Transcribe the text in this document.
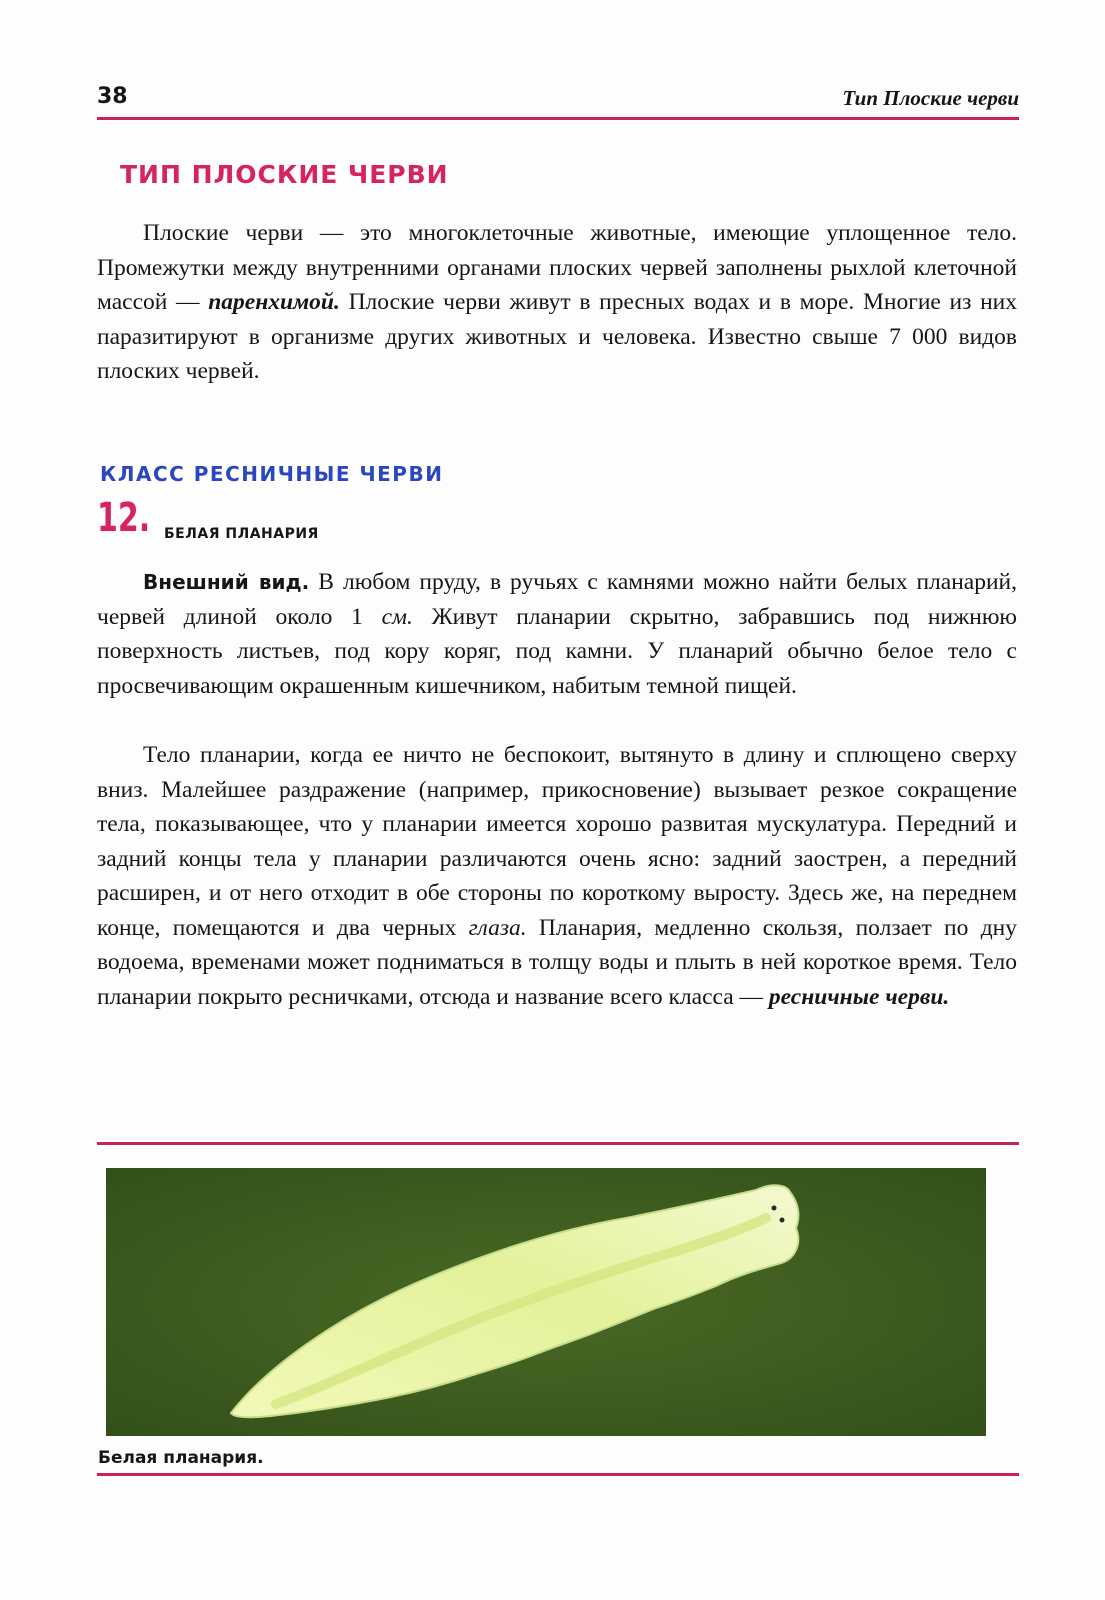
38	Тип Плоские черви
ТИП ПЛОСКИЕ ЧЕРВИ

Плоские черви — это многоклеточные животные, имеющие уплощенное тело. Промежутки между внутренними органами плоских червей заполнены рыхлой клеточной массой — паренхимой. Плоские черви живут в пресных водах и в море. Многие из них паразитируют в организме других животных и человека. Известно свыше 7 000 видов плоских червей.

КЛАСС РЕСНИЧНЫЕ ЧЕРВИ
12. БЕЛАЯ ПЛАНАРИЯ

Внешний вид. В любом пруду, в ручьях с камнями можно найти белых планарий, червей длиной около 1 см. Живут планарии скрытно, забравшись под нижнюю поверхность листьев, под кору коряг, под камни. У планарий обычно белое тело с просвечивающим окрашенным кишечником, набитым темной пищей.

Тело планарии, когда ее ничто не беспокоит, вытянуто в длину и сплющено сверху вниз. Малейшее раздражение (например, прикосновение) вызывает резкое сокращение тела, показывающее, что у планарии имеется хорошо развитая мускулатура. Передний и задний концы тела у планарии различаются очень ясно: задний заострен, а передний расширен, и от него отходит в обе стороны по короткому выросту. Здесь же, на переднем конце, помещаются и два черных глаза. Планария, медленно скользя, ползает по дну водоема, временами может подниматься в толщу воды и плыть в ней короткое время. Тело планарии покрыто ресничками, отсюда и название всего класса — ресничные черви.

Белая планария.
